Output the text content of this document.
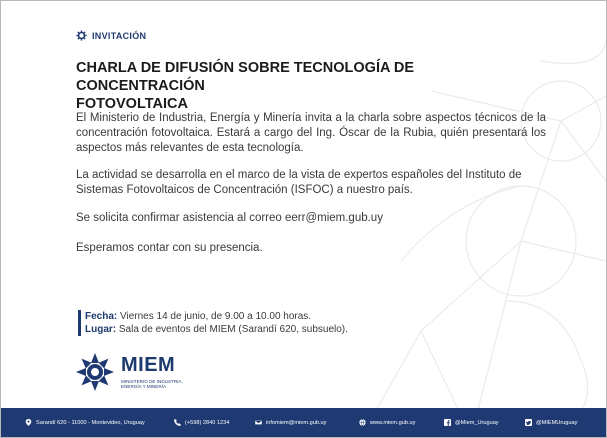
INVITACIÓN
CHARLA DE DIFUSIÓN SOBRE TECNOLOGÍA DE CONCENTRACIÓN
FOTOVOLTAICA

El Ministerio de Industria, Energía y Minería invita a la charla sobre aspectos técnicos de la concentración fotovoltaica. Estará a cargo del Ing. Óscar de la Rubia, quién presentará los aspectos más relevantes de esta tecnología.

La actividad se desarrolla en el marco de la vista de expertos españoles del Instituto de Sistemas Fotovoltaicos de Concentración (ISFOC) a nuestro país.

Se solicita confirmar asistencia al correo eerr@miem.gub.uy

Esperamos contar con su presencia.

Fecha: Viernes 14 de junio, de 9.00 a 10.00 horas.
Lugar: Sala de eventos del MIEM (Sarandí 620, subsuelo).
MIEM
MINISTERIO DE INDUSTRIA, ENERGÍA Y MINERÍA
Sarandí 620 - 11000 - Montevideo, Uruguay	(+598) 2840 1234	infomiem@miem.gub.uy	www.miem.gub.uy	@Miem_Uruguay	@MIEMUruguay
